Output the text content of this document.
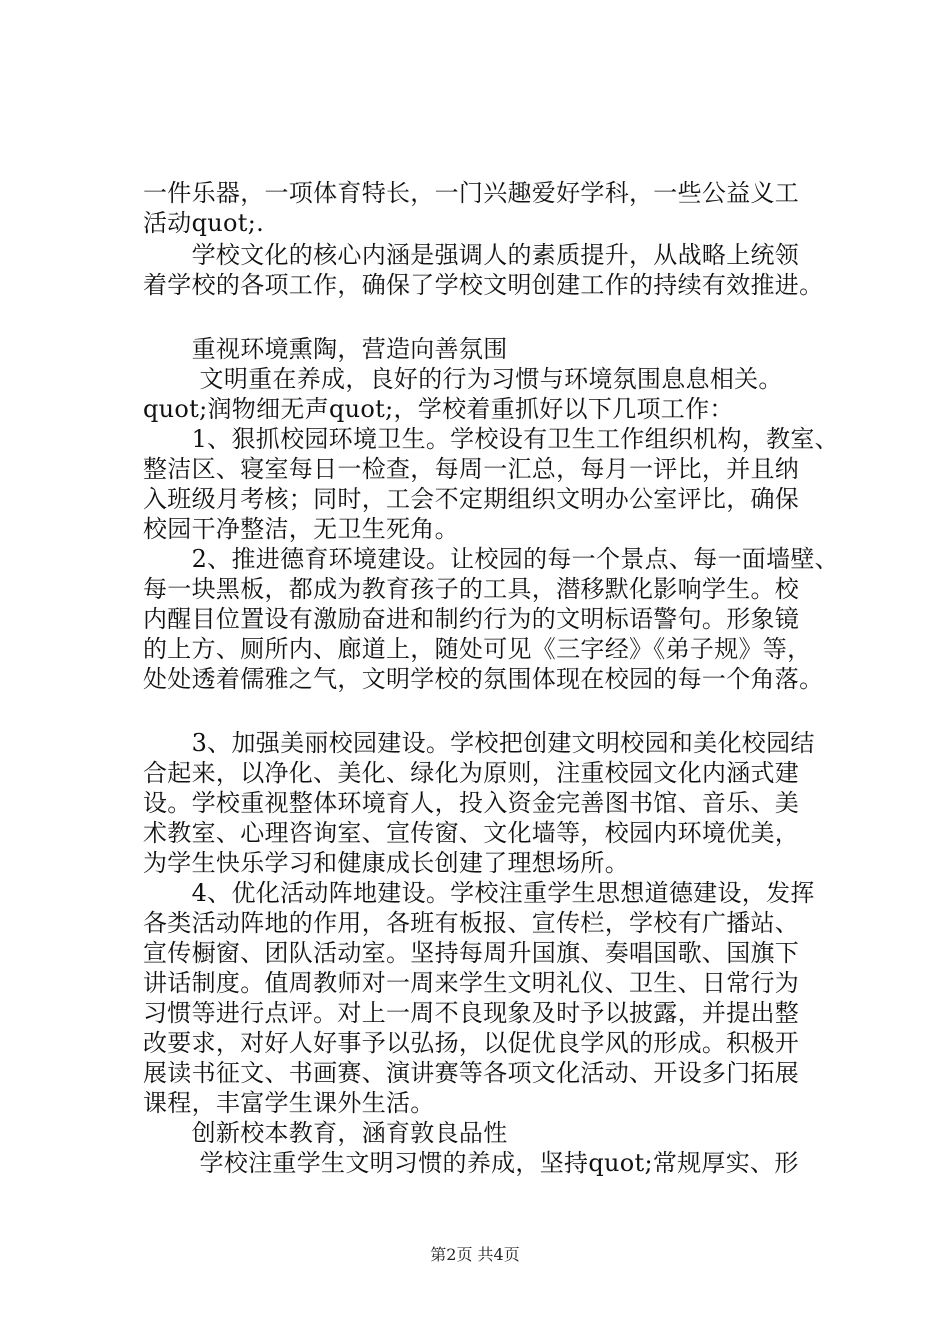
一件乐器，一项体育特长，一门兴趣爱好学科，一些公益义工
活动quot;.
　　学校文化的核心内涵是强调人的素质提升，从战略上统领
着学校的各项工作，确保了学校文明创建工作的持续有效推进。
　　重视环境熏陶，营造向善氛围
　　 文明重在养成，良好的行为习惯与环境氛围息息相关。
quot;润物细无声quot;，学校着重抓好以下几项工作：
　　1、狠抓校园环境卫生。学校设有卫生工作组织机构，教室、
整洁区、寝室每日一检查，每周一汇总，每月一评比，并且纳
入班级月考核；同时，工会不定期组织文明办公室评比，确保
校园干净整洁，无卫生死角。
　　2、推进德育环境建设。让校园的每一个景点、每一面墙壁、
每一块黑板，都成为教育孩子的工具，潜移默化影响学生。校
内醒目位置设有激励奋进和制约行为的文明标语警句。形象镜
的上方、厕所内、廊道上，随处可见《三字经》《弟子规》等，
处处透着儒雅之气，文明学校的氛围体现在校园的每一个角落。
　　3、加强美丽校园建设。学校把创建文明校园和美化校园结
合起来，以净化、美化、绿化为原则，注重校园文化内涵式建
设。学校重视整体环境育人，投入资金完善图书馆、音乐、美
术教室、心理咨询室、宣传窗、文化墙等，校园内环境优美，
为学生快乐学习和健康成长创建了理想场所。
　　4、优化活动阵地建设。学校注重学生思想道德建设，发挥
各类活动阵地的作用，各班有板报、宣传栏，学校有广播站、
宣传橱窗、团队活动室。坚持每周升国旗、奏唱国歌、国旗下
讲话制度。值周教师对一周来学生文明礼仪、卫生、日常行为
习惯等进行点评。对上一周不良现象及时予以披露，并提出整
改要求，对好人好事予以弘扬，以促优良学风的形成。积极开
展读书征文、书画赛、演讲赛等各项文化活动、开设多门拓展
课程，丰富学生课外生活。
　　创新校本教育，涵育敦良品性
　　 学校注重学生文明习惯的养成，坚持quot;常规厚实、形
第2页 共4页
